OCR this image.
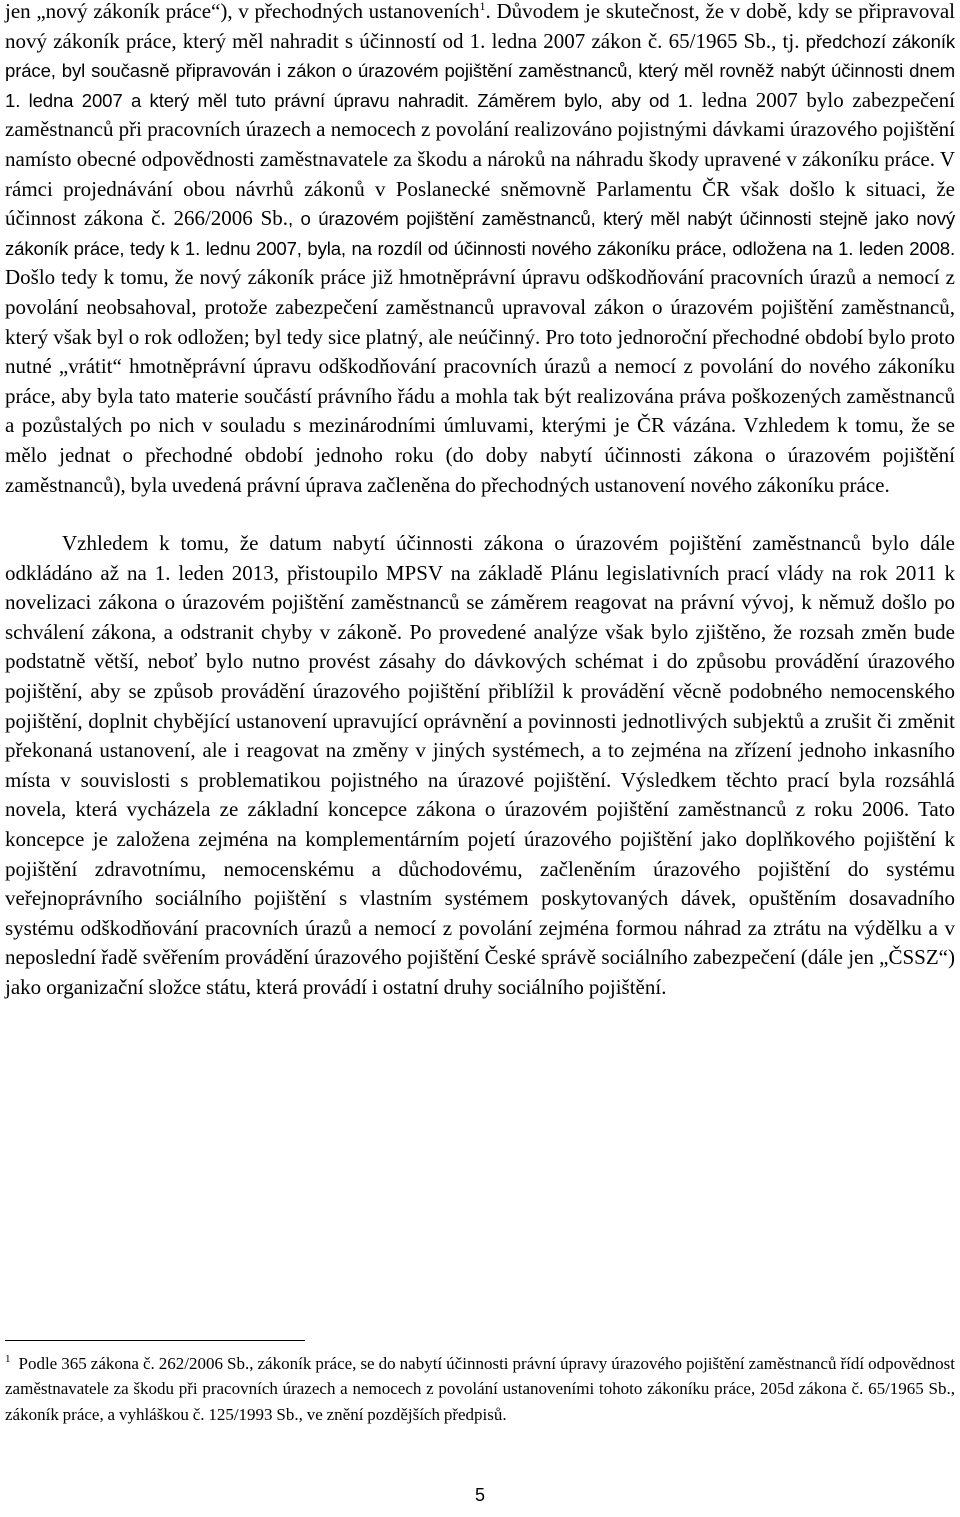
jen „nový zákoník práce“), v přechodných ustanoveních$^1$. Důvodem je skutečnost, že v době, kdy se připravoval nový zákoník práce, který měl nahradit s účinností od 1. ledna 2007 zákon č. 65/1965 Sb., tj. předchozí zákoník práce, byl současně připravován i zákon o úrazovém pojištění zaměstnanců, který měl rovněž nabýt účinnosti dnem 1. ledna 2007 a který měl tuto právní úpravu nahradit. Záměrem bylo, aby od 1. ledna 2007 bylo zabezpečení zaměstnanců při pracovních úrazech a nemocech z povolání realizováno pojistnými dávkami úrazového pojištění namísto obecné odpovědnosti zaměstnavatele za škodu a nároků na náhradu škody upravené v zákoníku práce. V rámci projednávání obou návrhů zákonů v Poslanecké sněmovně Parlamentu ČR však došlo k situaci, že účinnost zákona č. 266/2006 Sb., o úrazovém pojištění zaměstnanců, který měl nabýt účinnosti stejně jako nový zákoník práce, tedy k 1. lednu 2007, byla, na rozdíl od účinnosti nového zákoníku práce, odložena na 1. leden 2008. Došlo tedy k tomu, že nový zákoník práce již hmotněprávní úpravu odškodňování pracovních úrazů a nemocí z povolání neobsahoval, protože zabezpečení zaměstnanců upravoval zákon o úrazovém pojištění zaměstnanců, který však byl o rok odložen; byl tedy sice platný, ale neúčinný. Pro toto jednoroční přechodné období bylo proto nutné „vrátit“ hmotněprávní úpravu odškodňování pracovních úrazů a nemocí z povolání do nového zákoníku práce, aby byla tato materie součástí právního řádu a mohla tak být realizována práva poškozených zaměstnanců a pozůstalých po nich v souladu s mezinárodními úmluvami, kterými je ČR vázána. Vzhledem k tomu, že se mělo jednat o přechodné období jednoho roku (do doby nabytí účinnosti zákona o úrazovém pojištění zaměstnanců), byla uvedená právní úprava začleněna do přechodných ustanovení nového zákoníku práce.

Vzhledem k tomu, že datum nabytí účinnosti zákona o úrazovém pojištění zaměstnanců bylo dále odkládáno až na 1. leden 2013, přistoupilo MPSV na základě Plánu legislativních prací vlády na rok 2011 k novelizaci zákona o úrazovém pojištění zaměstnanců se záměrem reagovat na právní vývoj, k němuž došlo po schválení zákona, a odstranit chyby v zákoně. Po provedené analýze však bylo zjištěno, že rozsah změn bude podstatně větší, neboť bylo nutno provést zásahy do dávkových schémat i do způsobu provádění úrazového pojištění, aby se způsob provádění úrazového pojištění přiblížil k provádění věcně podobného nemocenského pojištění, doplnit chybějící ustanovení upravující oprávnění a povinnosti jednotlivých subjektů a zrušit či změnit překonaná ustanovení, ale i reagovat na změny v jiných systémech, a to zejména na zřízení jednoho inkasního místa v souvislosti s problematikou pojistného na úrazové pojištění. Výsledkem těchto prací byla rozsáhlá novela, která vycházela ze základní koncepce zákona o úrazovém pojištění zaměstnanců z roku 2006. Tato koncepce je založena zejména na komplementárním pojetí úrazového pojištění jako doplňkového pojištění k pojištění zdravotnímu, nemocenskému a důchodovému, začleněním úrazového pojištění do systému veřejnoprávního sociálního pojištění s vlastním systémem poskytovaných dávek, opuštěním dosavadního systému odškodňování pracovních úrazů a nemocí z povolání zejména formou náhrad za ztrátu na výdělku a v neposlední řadě svěřením provádění úrazového pojištění České správě sociálního zabezpečení (dále jen „ČSSZ“) jako organizační složce státu, která provádí i ostatní druhy sociálního pojištění.

$^1$ Podle 365 zákona č. 262/2006 Sb., zákoník práce, se do nabytí účinnosti právní úpravy úrazového pojištění zaměstnanců řídí odpovědnost zaměstnavatele za škodu při pracovních úrazech a nemocech z povolání ustanoveními tohoto zákoníku práce, 205d zákona č. 65/1965 Sb., zákoník práce, a vyhláškou č. 125/1993 Sb., ve znění pozdějších předpisů.

5
